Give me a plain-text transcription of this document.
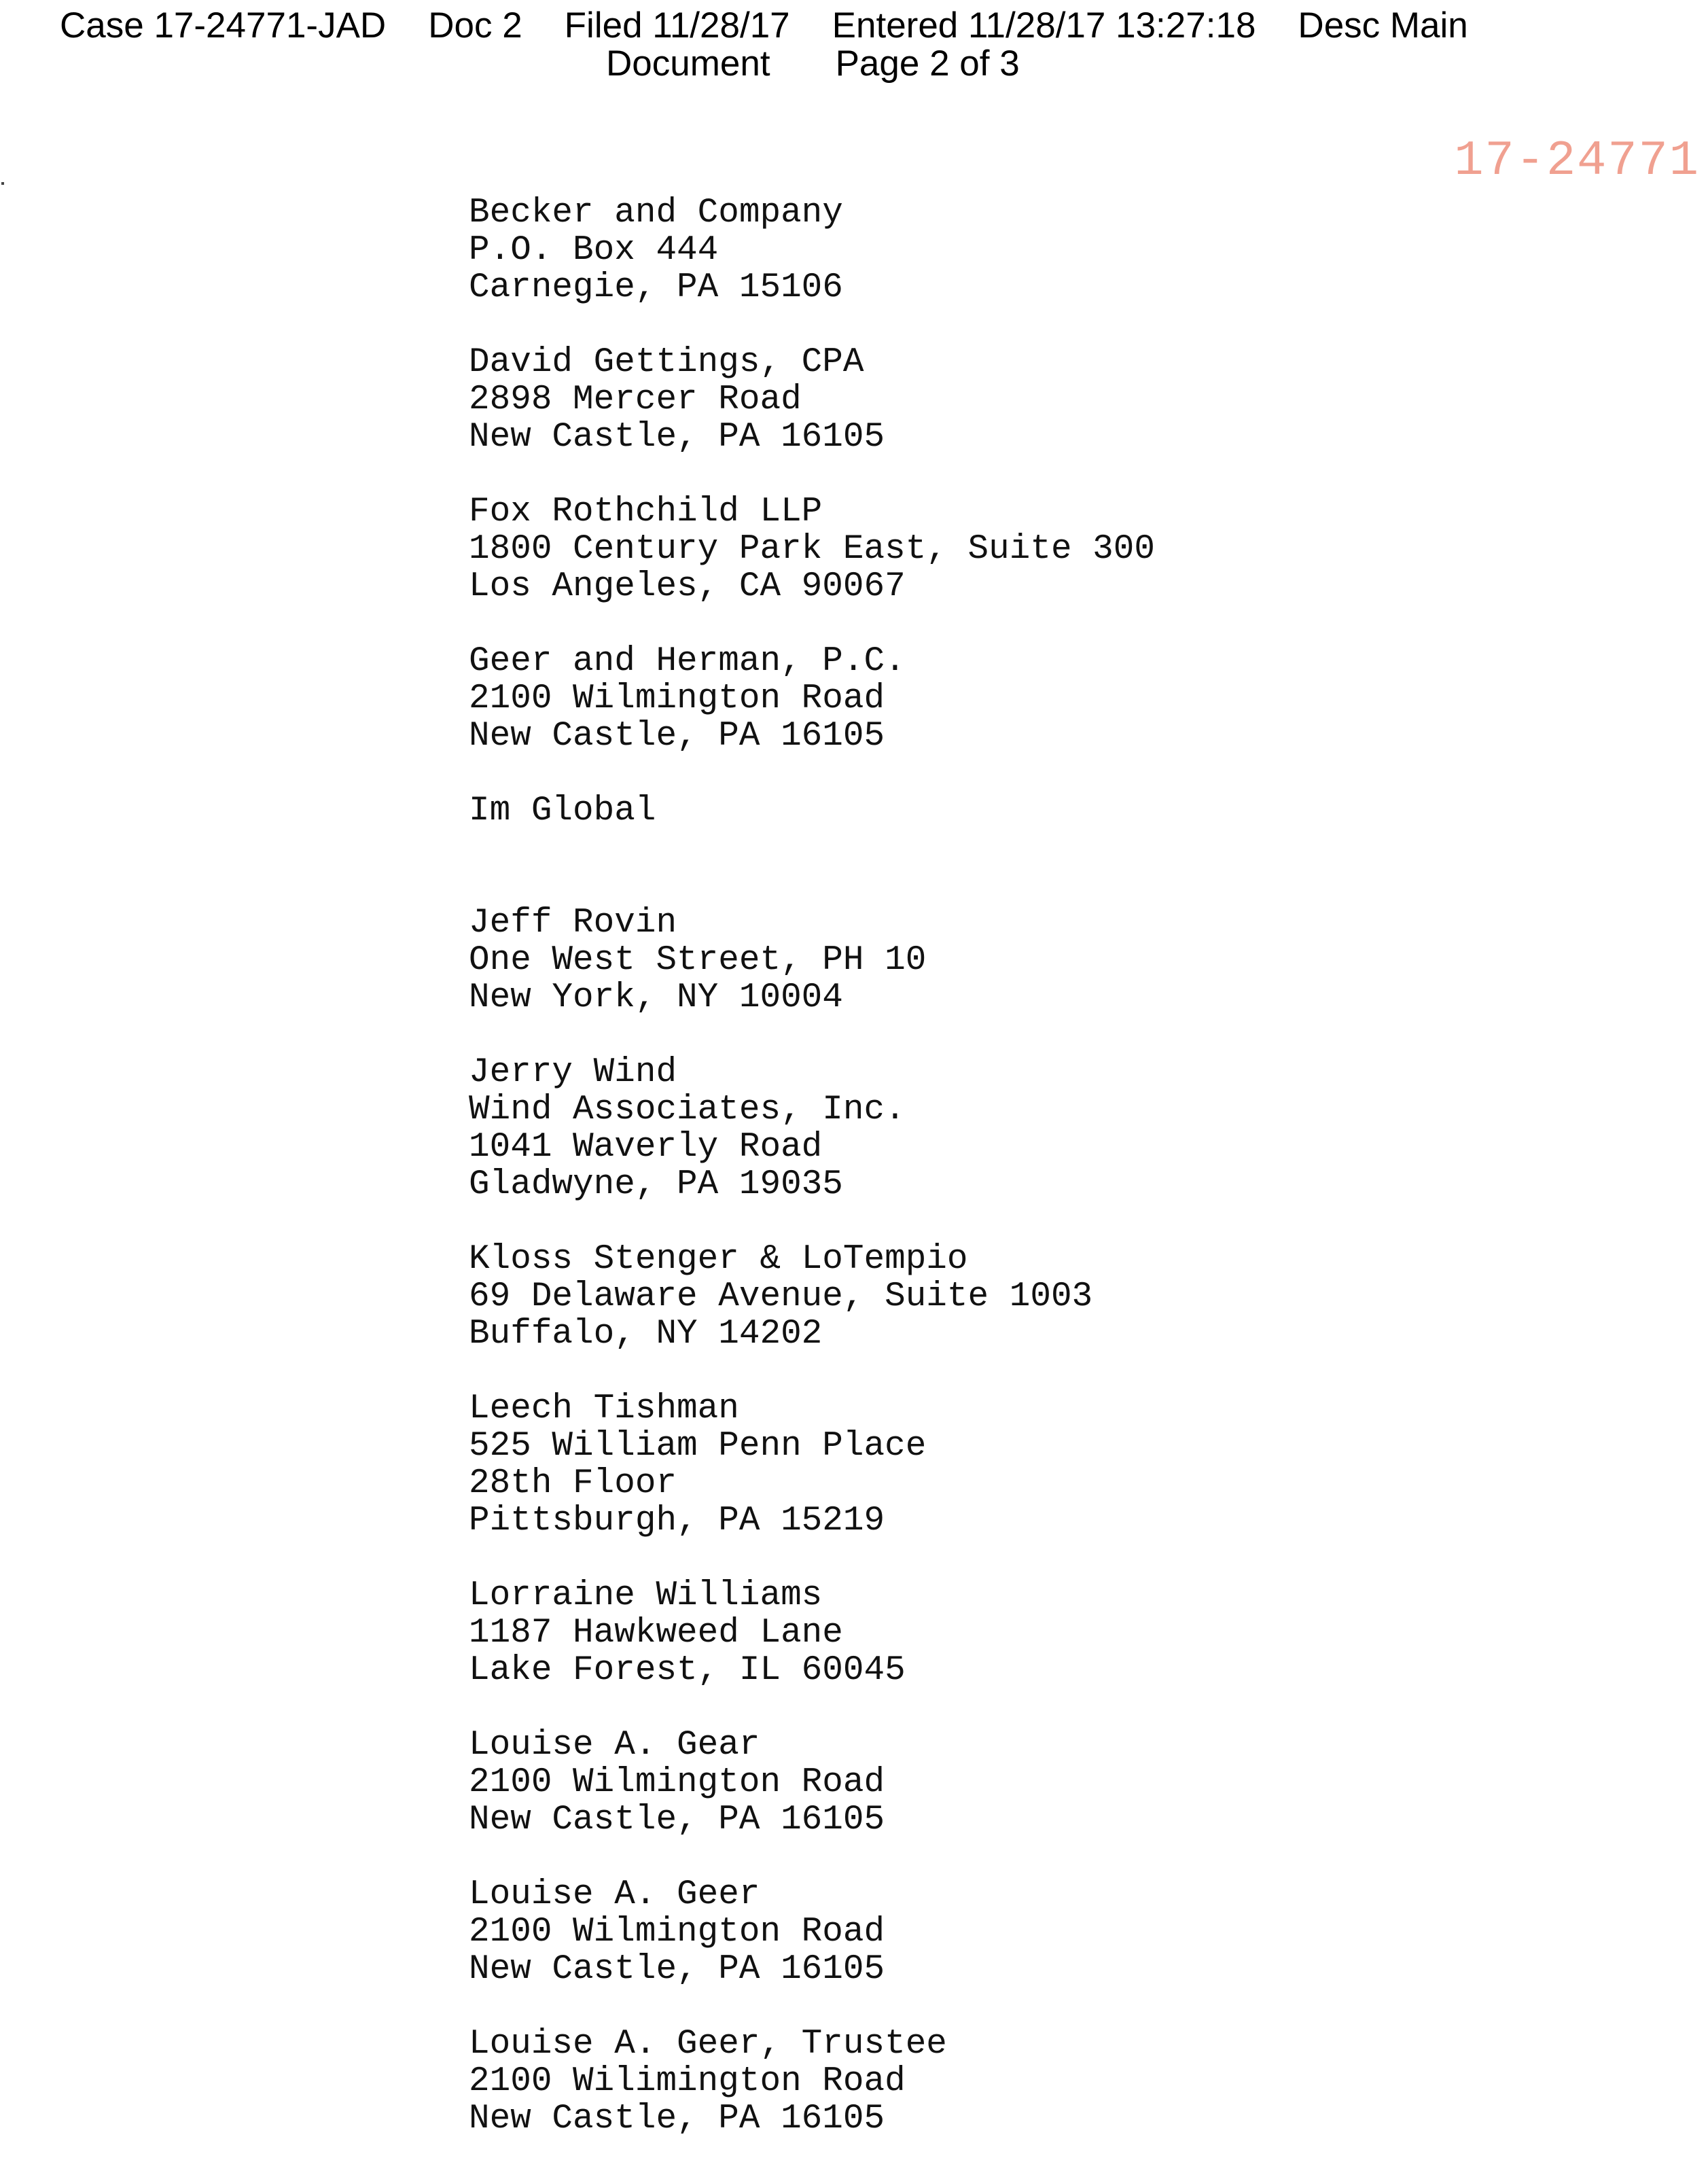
Case 17-24771-JAD Doc 2 Filed 11/28/17 Entered 11/28/17 13:27:18 Desc Main
Document Page 2 of 3
17-24771
Becker and Company
P.O. Box 444
Carnegie, PA 15106
David Gettings, CPA
2898 Mercer Road
New Castle, PA 16105
Fox Rothchild LLP
1800 Century Park East, Suite 300
Los Angeles, CA 90067
Geer and Herman, P.C.
2100 Wilmington Road
New Castle, PA 16105
Im Global
Jeff Rovin
One West Street, PH 10
New York, NY 10004
Jerry Wind
Wind Associates, Inc.
1041 Waverly Road
Gladwyne, PA 19035
Kloss Stenger & LoTempio
69 Delaware Avenue, Suite 1003
Buffalo, NY 14202
Leech Tishman
525 William Penn Place
28th Floor
Pittsburgh, PA 15219
Lorraine Williams
1187 Hawkweed Lane
Lake Forest, IL 60045
Louise A. Gear
2100 Wilmington Road
New Castle, PA 16105
Louise A. Geer
2100 Wilmington Road
New Castle, PA 16105
Louise A. Geer, Trustee
2100 Wilimington Road
New Castle, PA 16105
